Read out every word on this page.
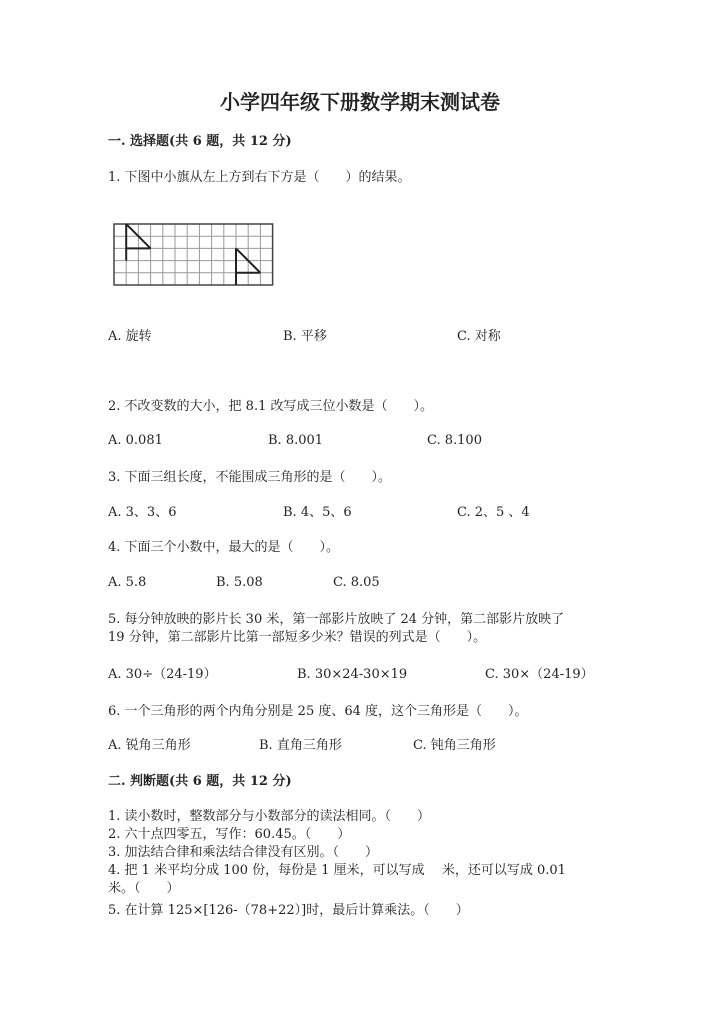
小学四年级下册数学期末测试卷
一. 选择题(共 6 题，共 12 分)
1. 下图中小旗从左上方到右下方是（　　）的结果。
A. 旋转	B. 平移	C. 对称
2. 不改变数的大小，把 8.1 改写成三位小数是（　　）。
A. 0.081	B. 8.001	C. 8.100
3. 下面三组长度，不能围成三角形的是（　　）。
A. 3、3、6	B. 4、5、6	C. 2、5 、4
4. 下面三个小数中，最大的是（　　）。
A. 5.8	B. 5.08	C. 8.05
5. 每分钟放映的影片长 30 米，第一部影片放映了 24 分钟，第二部影片放映了
19 分钟，第二部影片比第一部短多少米？错误的列式是（　　）。
A. 30÷（24-19）	B. 30×24-30×19	C. 30×（24-19）
6. 一个三角形的两个内角分别是 25 度、64 度，这个三角形是（　　）。
A. 锐角三角形	B. 直角三角形	C. 钝角三角形
二. 判断题(共 6 题，共 12 分)
1. 读小数时，整数部分与小数部分的读法相同。（　　）
2. 六十点四零五，写作：60.45。（　　）
3. 加法结合律和乘法结合律没有区别。（　　）
4. 把 1 米平均分成 100 份，每份是 1 厘米，可以写成　 米，还可以写成 0.01
米。（　　）
5. 在计算 125×[126-（78+22）]时，最后计算乘法。（　　）
